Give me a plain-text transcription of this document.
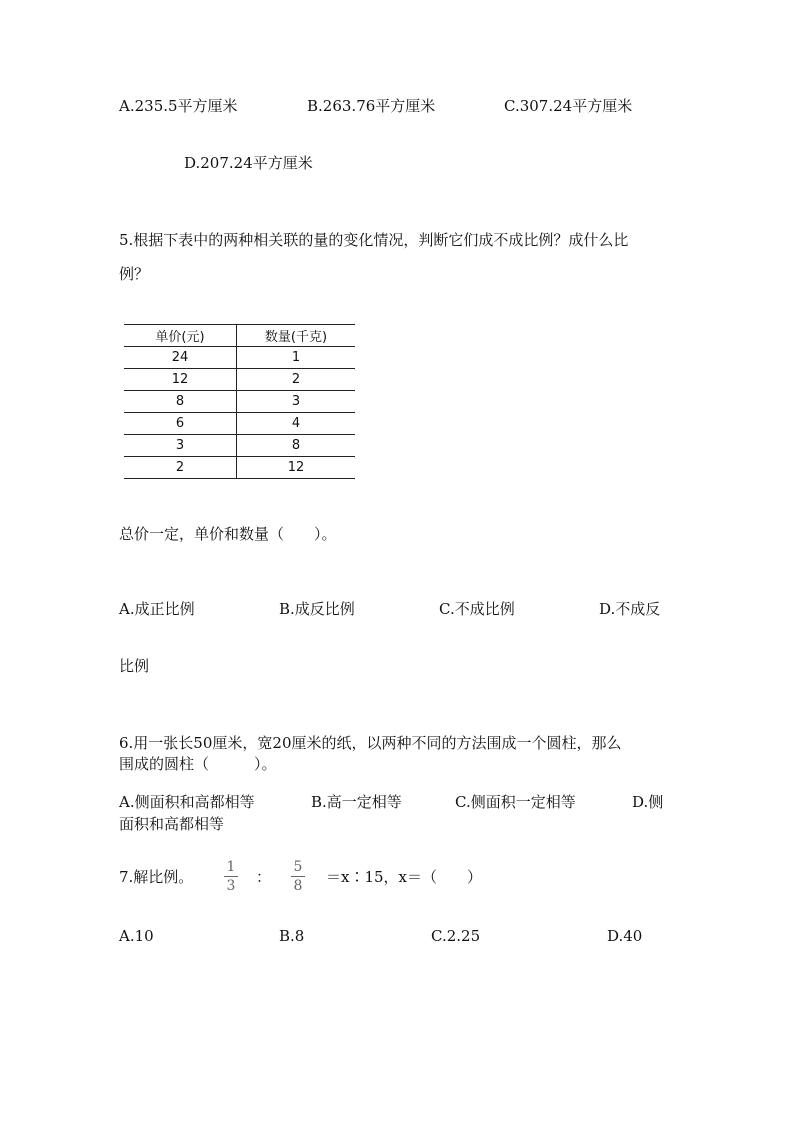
A.235.5平方厘米	B.263.76平方厘米	C.307.24平方厘米
D.207.24平方厘米
5.根据下表中的两种相关联的量的变化情况，判断它们成不成比例？成什么比
例？
单价(元)	数量(千克)
24	1
12	2
8	3
6	4
3	8
2	12
总价一定，单价和数量（　　）。
A.成正比例	B.成反比例	C.不成比例	D.不成反
比例
6.用一张长50厘米，宽20厘米的纸，以两种不同的方法围成一个圆柱，那么
围成的圆柱（　　　）。
A.侧面积和高都相等	B.高一定相等	C.侧面积一定相等	D.侧
面积和高都相等
7.解比例。
1
3 ：
5
8 ＝x∶15，x＝（　　）
A.10	B.8	C.2.25	D.40
